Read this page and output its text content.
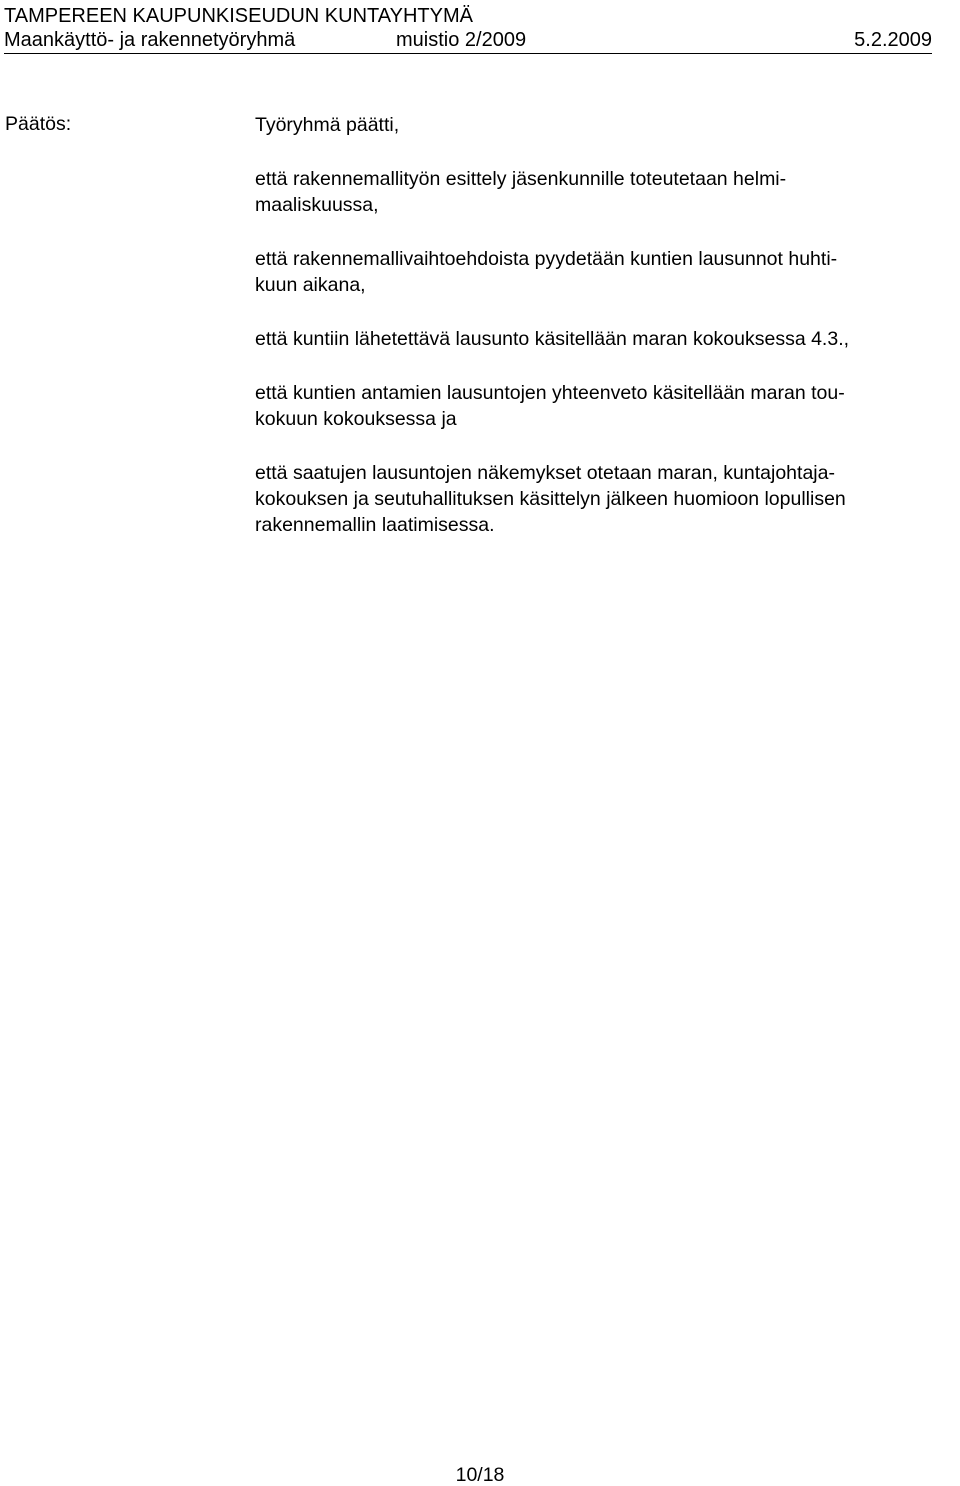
TAMPEREEN KAUPUNKISEUDUN KUNTAYHTYMÄ
Maankäyttö- ja rakennetyöryhmä	muistio 2/2009	5.2.2009
Päätös:	Työryhmä päätti,

että rakennemallityön esittely jäsenkunnille toteutetaan helmi-
maaliskuussa,

että rakennemallivaihtoehdoista pyydetään kuntien lausunnot huhti-
kuun aikana,

että kuntiin lähetettävä lausunto käsitellään maran kokouksessa 4.3.,

että kuntien antamien lausuntojen yhteenveto käsitellään maran tou-
kokuun kokouksessa ja

että saatujen lausuntojen näkemykset otetaan maran, kuntajohtaja-
kokouksen ja seutuhallituksen käsittelyn jälkeen huomioon lopullisen
rakennemallin laatimisessa.

10/18
